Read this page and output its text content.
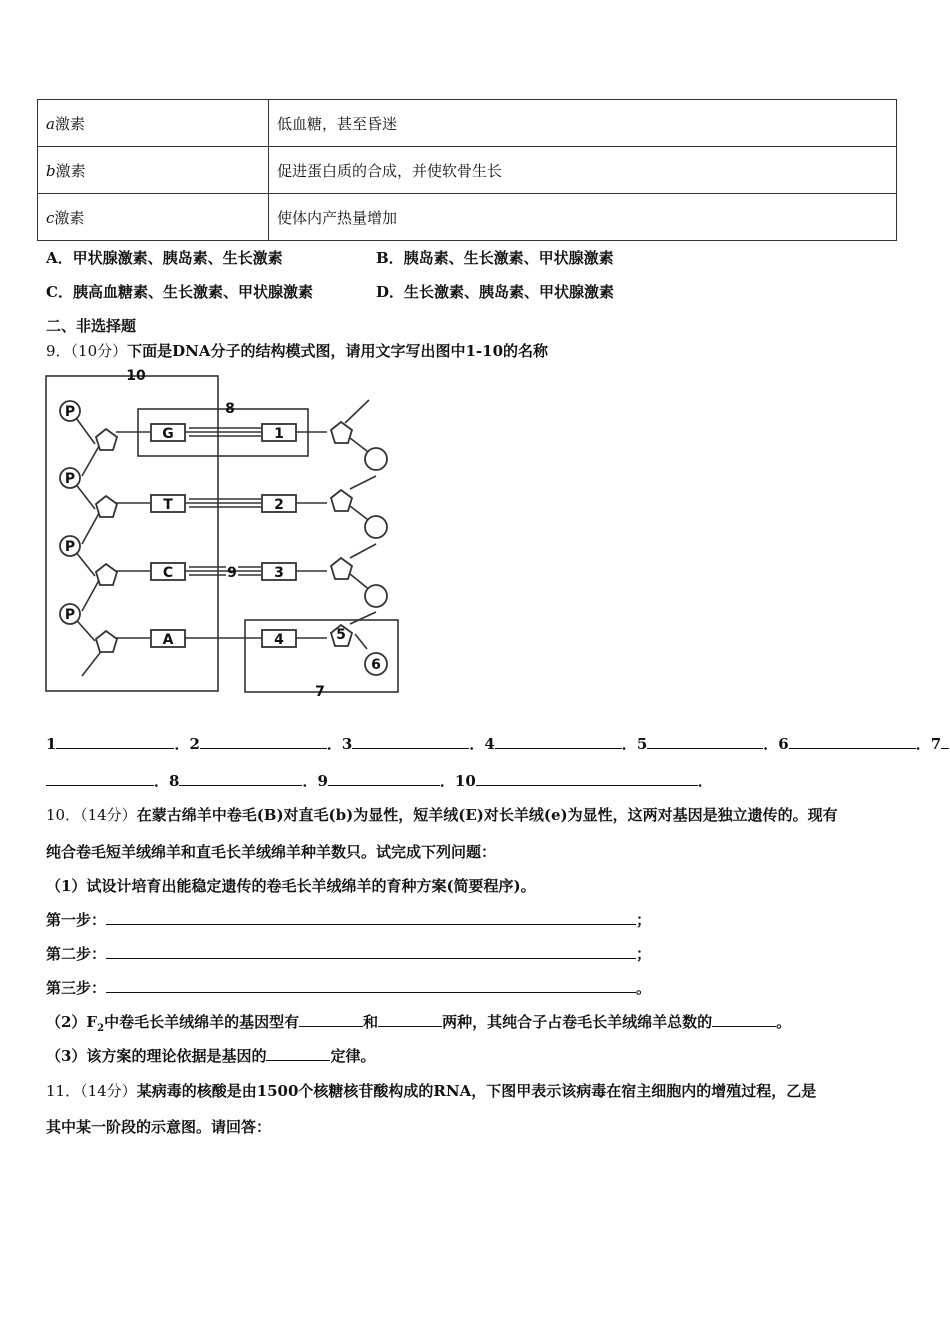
a激素	低血糖，甚至昏迷
b激素	促进蛋白质的合成，并使软骨生长
c激素	使体内产热量增加
A．甲状腺激素、胰岛素、生长激素	B．胰岛素、生长激素、甲状腺激素
C．胰高血糖素、生长激素、甲状腺激素	D．生长激素、胰岛素、甲状腺激素
二、非选择题
9．（10分）下面是DNA分子的结构模式图，请用文字写出图中1-10的名称
P
P
P
P
G
T
C
A
1
2
3
4	5
6
7
8
9
10
1	．2	．3	．4	．5	．6	．7
．8	．9	．10	．
10．（14分）在蒙古绵羊中卷毛(B)对直毛(b)为显性，短羊绒(E)对长羊绒(e)为显性，这两对基因是独立遗传的。现有
纯合卷毛短羊绒绵羊和直毛长羊绒绵羊种羊数只。试完成下列问题：
（1）试设计培育出能稳定遗传的卷毛长羊绒绵羊的育种方案(简要程序)。
第一步：	；
第二步：	；
第三步：	。
$(2)F_2$中卷毛长羊绒绵羊的基因型有	和	两种，其纯合子占卷毛长羊绒绵羊总数的	。
（3）该方案的理论依据是基因的	定律。
11．（14分）某病毒的核酸是由1500个核糖核苷酸构成的RNA，下图甲表示该病毒在宿主细胞内的增殖过程，乙是
其中某一阶段的示意图。请回答：
